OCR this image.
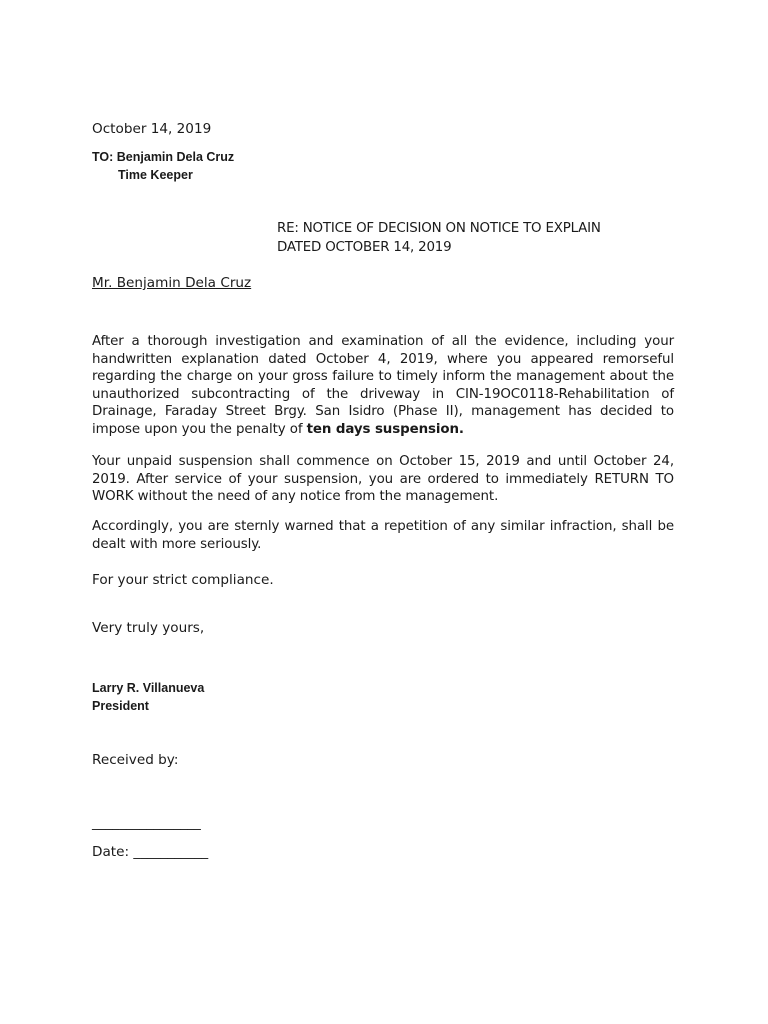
October 14, 2019
TO: Benjamin Dela Cruz
Time Keeper
RE: NOTICE OF DECISION ON NOTICE TO EXPLAIN
DATED OCTOBER 14, 2019
Mr. Benjamin Dela Cruz
After a thorough investigation and examination of all the evidence, including your handwritten explanation dated October 4, 2019, where you appeared remorseful regarding the charge on your gross failure to timely inform the management about the unauthorized subcontracting of the driveway in CIN-19OC0118-Rehabilitation of Drainage, Faraday Street Brgy. San Isidro (Phase II), management has decided to impose upon you the penalty of ten days suspension.
Your unpaid suspension shall commence on October 15, 2019 and until October 24, 2019. After service of your suspension, you are ordered to immediately RETURN TO WORK without the need of any notice from the management.
Accordingly, you are sternly warned that a repetition of any similar infraction, shall be dealt with more seriously.
For your strict compliance.
Very truly yours,
Larry R. Villanueva
President
Received by:
________________
Date: ___________
